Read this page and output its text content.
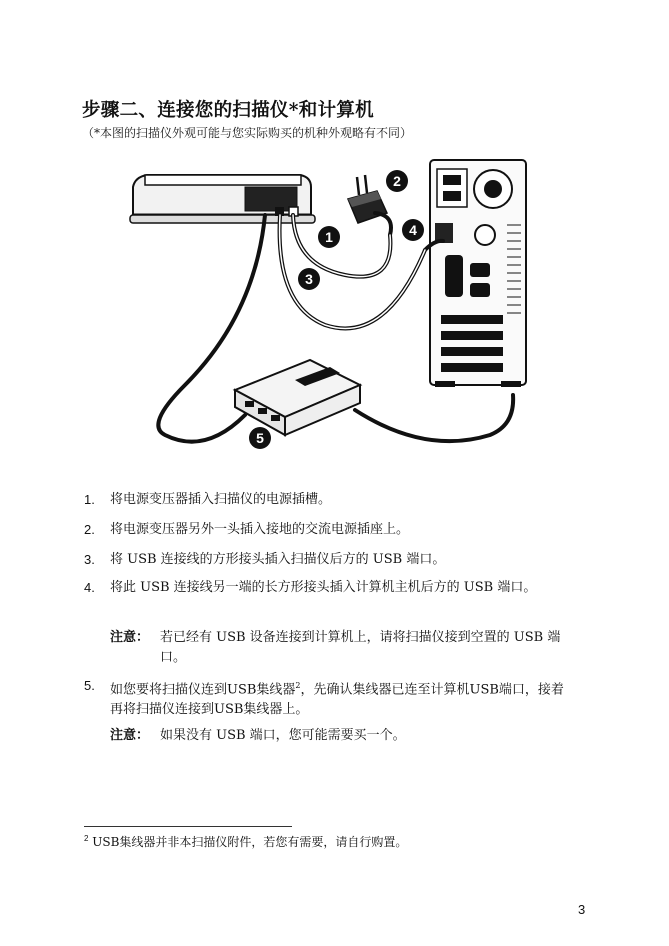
步骤二、连接您的扫描仪*和计算机
（*本图的扫描仪外观可能与您实际购买的机种外观略有不同）
1
2
3
4
5
1. 将电源变压器插入扫描仪的电源插槽。
2. 将电源变压器另外一头插入接地的交流电源插座上。
3. 将 USB 连接线的方形接头插入扫描仪后方的 USB 端口。
4. 将此 USB 连接线另一端的长方形接头插入计算机主机后方的 USB 端口。
注意： 若已经有 USB 设备连接到计算机上，请将扫描仪接到空置的 USB 端口。
5. 如您要将扫描仪连到USB集线器$^2$，先确认集线器已连至计算机USB端口，接着再将扫描仪连接到USB集线器上。
注意： 如果没有 USB 端口，您可能需要买一个。
$^2$ USB集线器并非本扫描仪附件，若您有需要，请自行购置。
3
